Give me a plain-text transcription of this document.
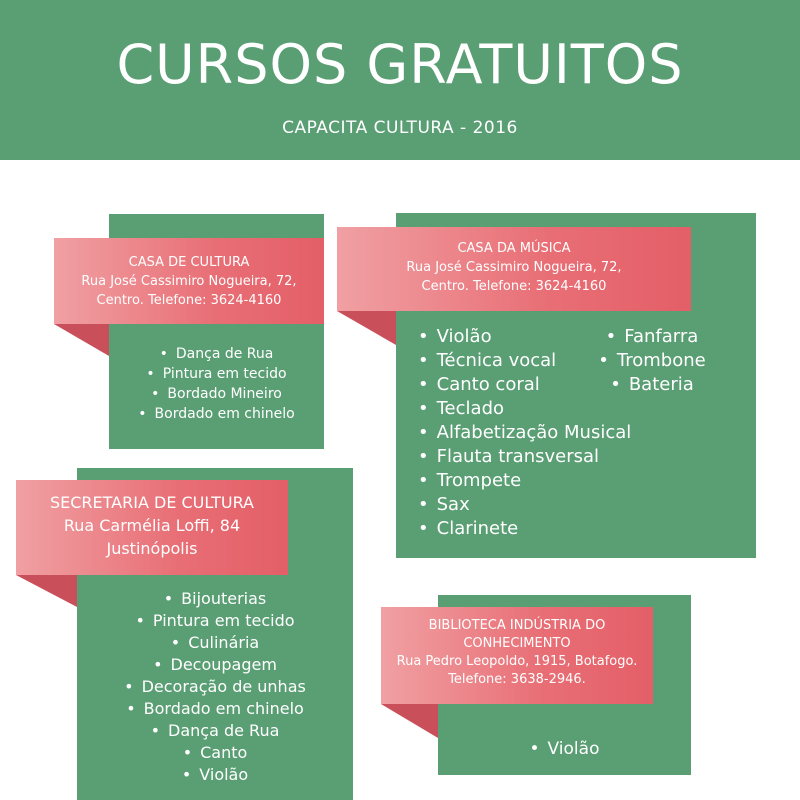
CURSOS GRATUITOS
CAPACITA CULTURA - 2016
CASA DE CULTURA
Rua José Cassimiro Nogueira, 72,
Centro. Telefone: 3624-4160
• Dança de Rua
• Pintura em tecido
• Bordado Mineiro
• Bordado em chinelo
CASA DA MÚSICA
Rua José Cassimiro Nogueira, 72,
Centro. Telefone: 3624-4160
• Violão
• Técnica vocal
• Canto coral
• Teclado
• Alfabetização Musical
• Flauta transversal
• Trompete
• Sax
• Clarinete
• Fanfarra
• Trombone
• Bateria
SECRETARIA DE CULTURA
Rua Carmélia Loffi, 84
Justinópolis
• Bijouterias
• Pintura em tecido
• Culinária
• Decoupagem
• Decoração de unhas
• Bordado em chinelo
• Dança de Rua
• Canto
• Violão
BIBLIOTECA INDÚSTRIA DO
CONHECIMENTO
Rua Pedro Leopoldo, 1915, Botafogo.
Telefone: 3638-2946.
• Violão
